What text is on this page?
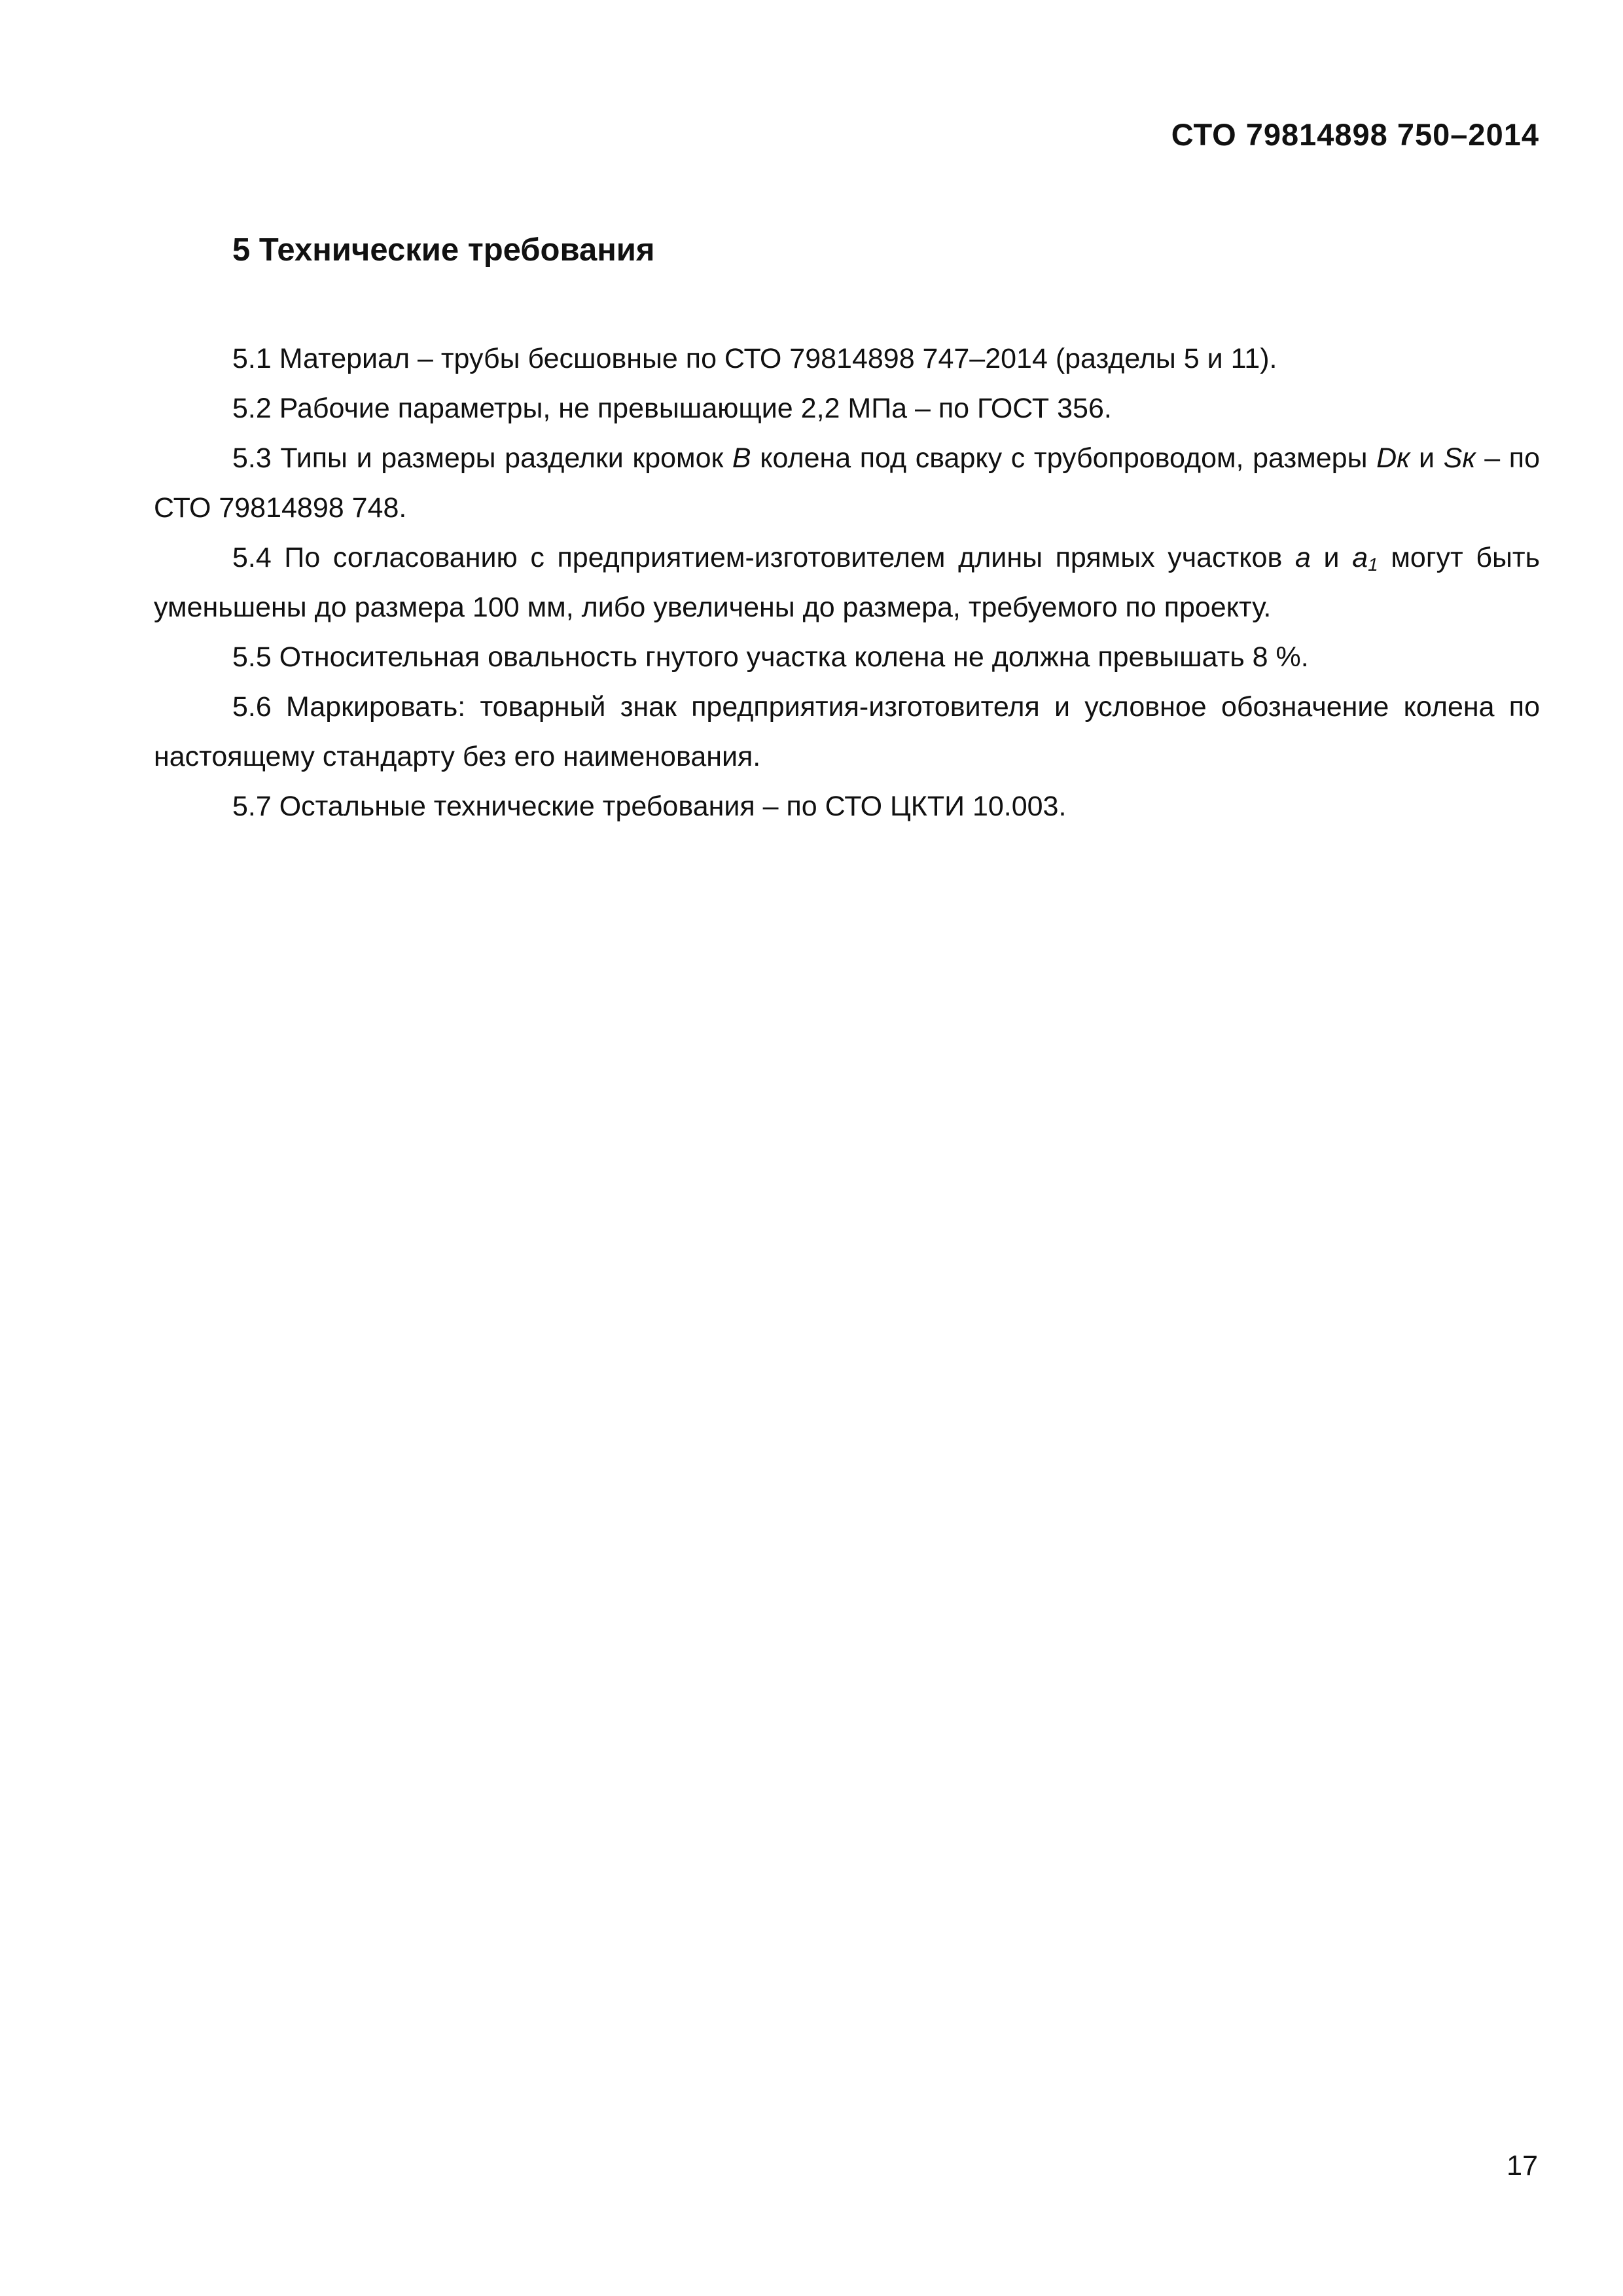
СТО 79814898 750–2014
5 Технические требования

5.1 Материал – трубы бесшовные по СТО 79814898 747–2014 (разделы 5 и 11).

5.2 Рабочие параметры, не превышающие 2,2 МПа – по ГОСТ 356.

5.3 Типы и размеры разделки кромок В колена под сварку с трубопроводом, размеры Dк и Sк – по СТО 79814898 748.

5.4 По согласованию с предприятием-изготовителем длины прямых участков а и $а_1$ могут быть уменьшены до размера 100 мм, либо увеличены до размера, требуемого по проекту.

5.5 Относительная овальность гнутого участка колена не должна превышать 8 %.

5.6 Маркировать: товарный знак предприятия-изготовителя и условное обозначение колена по настоящему стандарту без его наименования.

5.7 Остальные технические требования – по СТО ЦКТИ 10.003.

17
